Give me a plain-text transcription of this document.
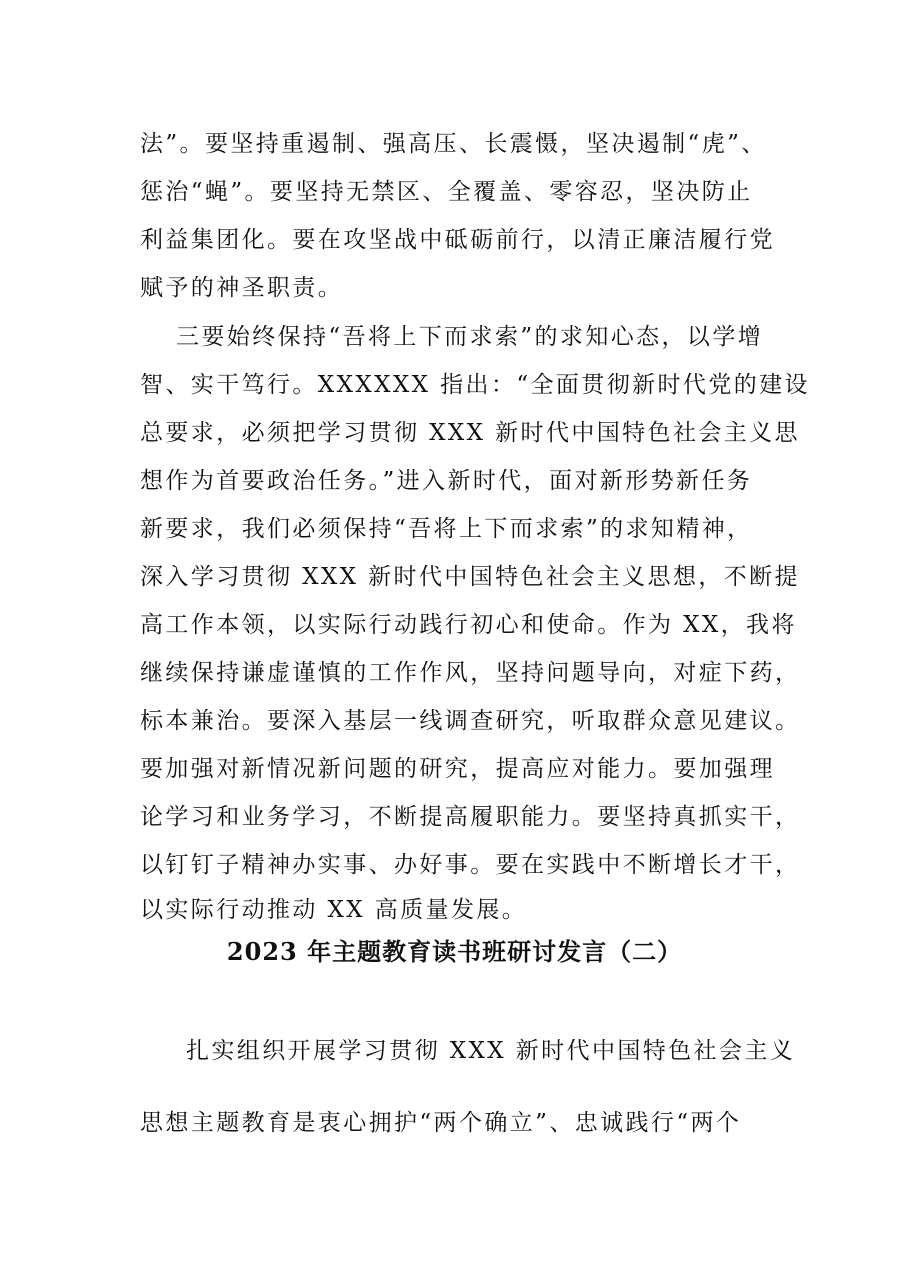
法”。要坚持重遏制、强高压、长震慑，坚决遏制“虎”、
惩治“蝇”。要坚持无禁区、全覆盖、零容忍，坚决防止
利益集团化。要在攻坚战中砥砺前行，以清正廉洁履行党
赋予的神圣职责。
三要始终保持“吾将上下而求索”的求知心态，以学增
智、实干笃行。XXXXXX 指出：“全面贯彻新时代党的建设
总要求，必须把学习贯彻 XXX 新时代中国特色社会主义思
想作为首要政治任务。”进入新时代，面对新形势新任务
新要求，我们必须保持“吾将上下而求索”的求知精神，
深入学习贯彻 XXX 新时代中国特色社会主义思想，不断提
高工作本领，以实际行动践行初心和使命。作为 XX，我将
继续保持谦虚谨慎的工作作风，坚持问题导向，对症下药，
标本兼治。要深入基层一线调查研究，听取群众意见建议。
要加强对新情况新问题的研究，提高应对能力。要加强理
论学习和业务学习，不断提高履职能力。要坚持真抓实干，
以钉钉子精神办实事、办好事。要在实践中不断增长才干，
以实际行动推动 XX 高质量发展。
2023 年主题教育读书班研讨发言（二）
扎实组织开展学习贯彻 XXX 新时代中国特色社会主义
思想主题教育是衷心拥护“两个确立”、忠诚践行“两个
